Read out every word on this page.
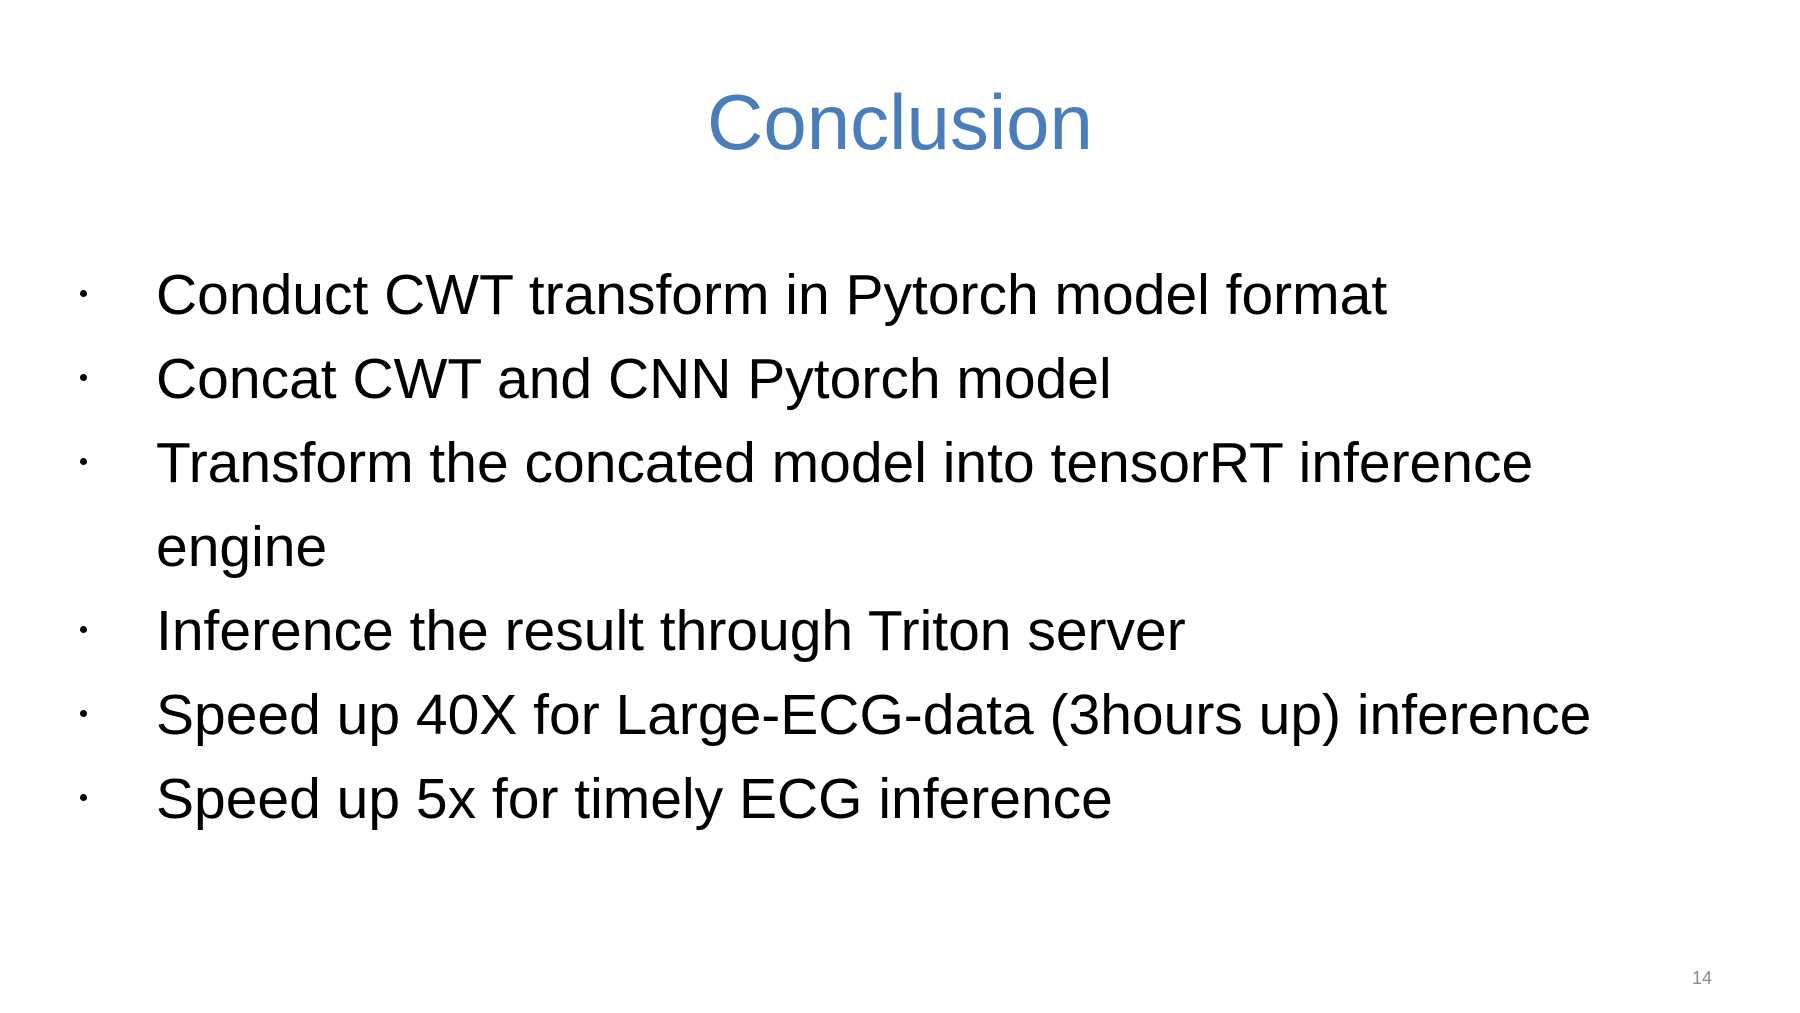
Conclusion
Conduct CWT transform in Pytorch model format
Concat CWT and CNN Pytorch model
Transform the concated model into tensorRT inference engine
Inference the result through Triton server
Speed up 40X for Large-ECG-data (3hours up) inference
Speed up 5x for timely ECG inference
14
